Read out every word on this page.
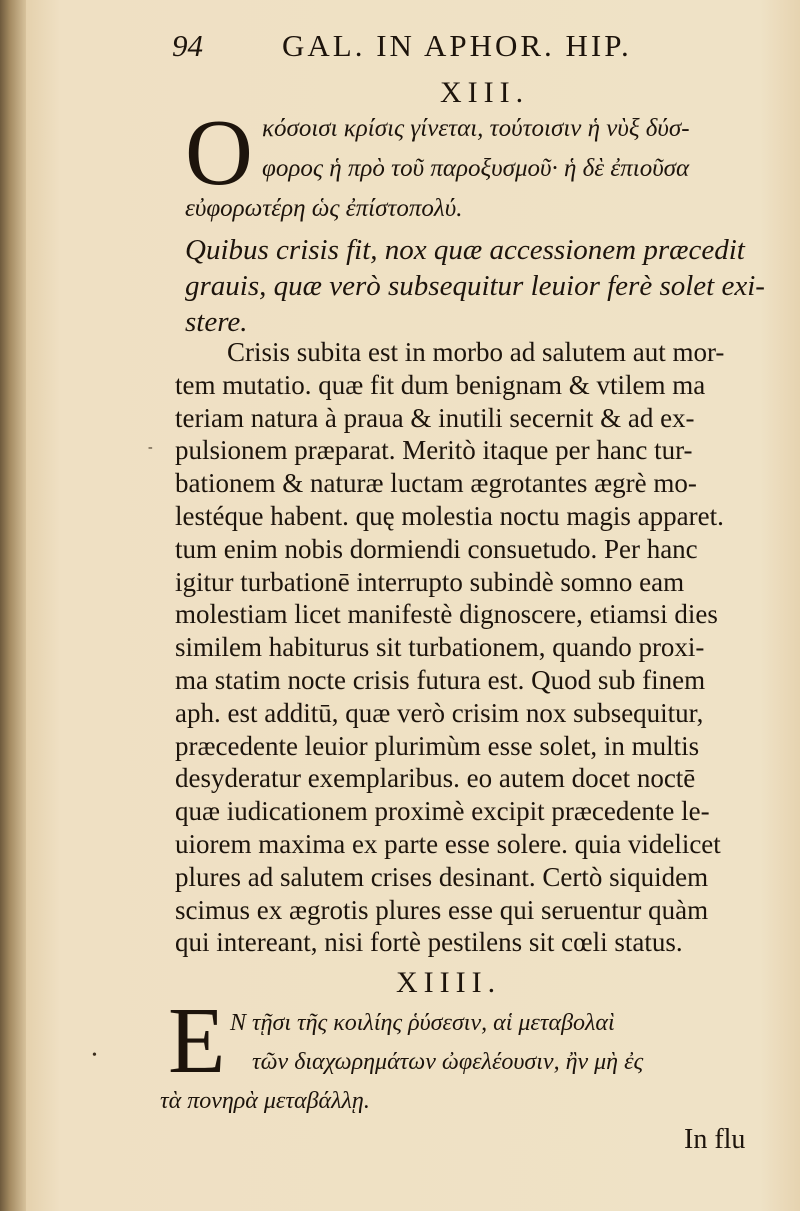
94	GAL. IN APHOR. HIP.
XIII.
O κόσοισι κρίσις γίνεται, τούτοισιν ἡ νὺξ δύσ-
φορος ἡ πρὸ τοῦ παροξυσμοῦ· ἡ δὲ ἐπιοῦσα
εὐφορωτέρη ὡς ἐπίστοπολύ.
Quibus crisis fit, nox quæ accessionem præcedit
grauis, quæ verò subsequitur leuior ferè solet exi-
stere.
Crisis subita est in morbo ad salutem aut mor-
tem mutatio. quæ fit dum benignam & vtilem ma
teriam natura à praua & inutili secernit & ad ex-
pulsionem præparat. Meritò itaque per hanc tur-
bationem & naturæ luctam ægrotantes ægrè mo-
lestéque habent. quę molestia noctu magis apparet.
tum enim nobis dormiendi consuetudo. Per hanc
igitur turbationē interrupto subindè somno eam
molestiam licet manifestè dignoscere, etiamsi dies
similem habiturus sit turbationem, quando proxi-
ma statim nocte crisis futura est. Quod sub finem
aph. est additū, quæ verò crisim nox subsequitur,
præcedente leuior plurimùm esse solet, in multis
desyderatur exemplaribus. eo autem docet noctē
quæ iudicationem proximè excipit præcedente le-
uiorem maxima ex parte esse solere. quia videlicet
plures ad salutem crises desinant. Certò siquidem
scimus ex ægrotis plures esse qui seruentur quàm
qui intereant, nisi fortè pestilens sit cœli status.
XIIII.
E Ν τῇσι τῆς κοιλίης ῥύσεσιν, αἱ μεταβολαὶ
τῶν διαχωρημάτων ὠφελέουσιν, ἢν μὴ ἐς
τὰ πονηρὰ μεταβάλλῃ.
In flu
-
•
